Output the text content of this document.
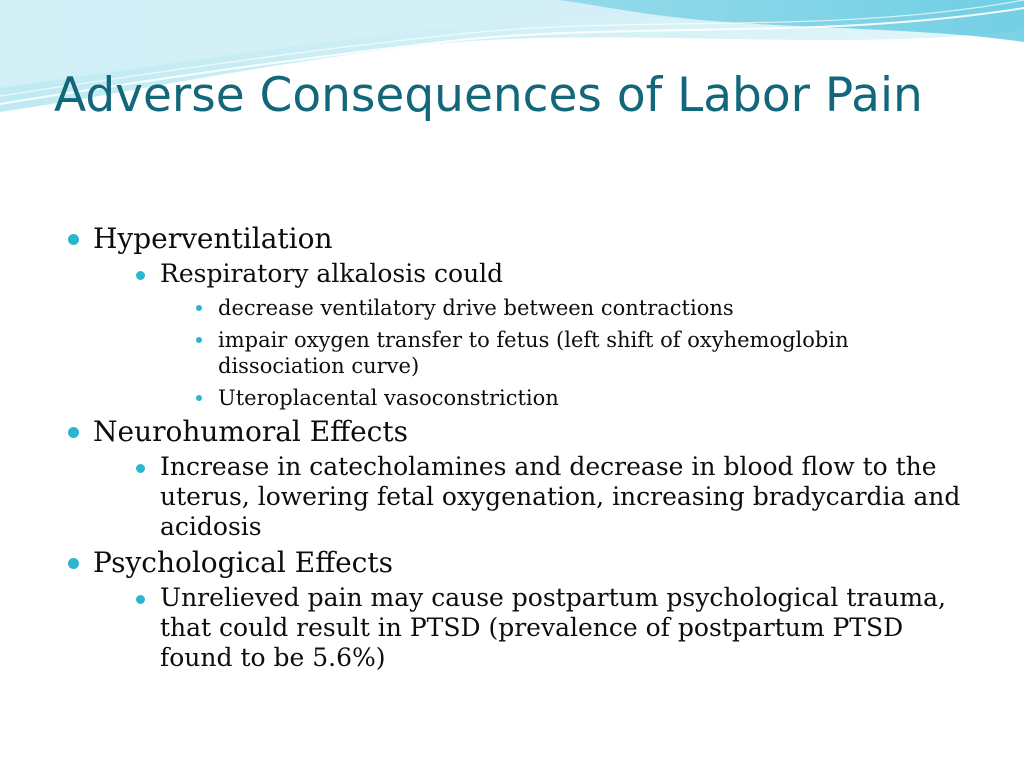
Adverse Consequences of Labor Pain
Hyperventilation
Respiratory alkalosis could
decrease ventilatory drive between contractions
impair oxygen transfer to fetus (left shift of oxyhemoglobin dissociation curve)
Uteroplacental vasoconstriction
Neurohumoral Effects
Increase in catecholamines and decrease in blood flow to the uterus, lowering fetal oxygenation, increasing bradycardia and acidosis
Psychological Effects
Unrelieved pain may cause postpartum psychological trauma, that could result in PTSD (prevalence of postpartum PTSD found to be 5.6%)
